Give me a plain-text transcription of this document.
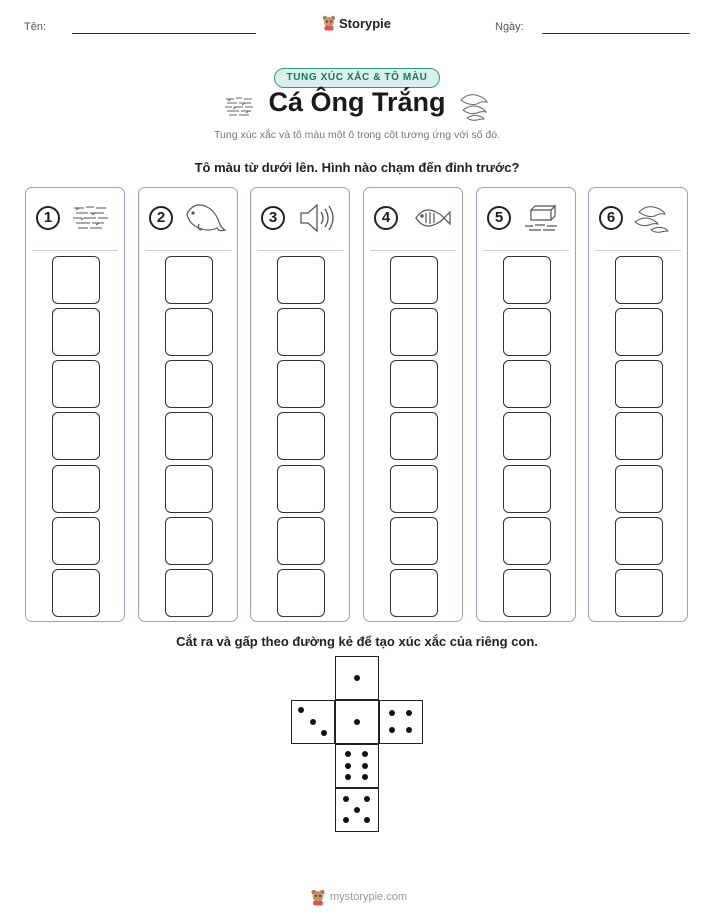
Tên:	Storypie	Ngày:
TUNG XÚC XẮC & TÔ MÀU
Cá Ông Trắng
Tung xúc xắc và tô màu một ô trong cột tương ứng với số đó.
Tô màu từ dưới lên. Hình nào chạm đến đỉnh trước?
1	2	3	4	5	6
Cắt ra và gấp theo đường kẻ để tạo xúc xắc của riêng con.
mystorypie.com
